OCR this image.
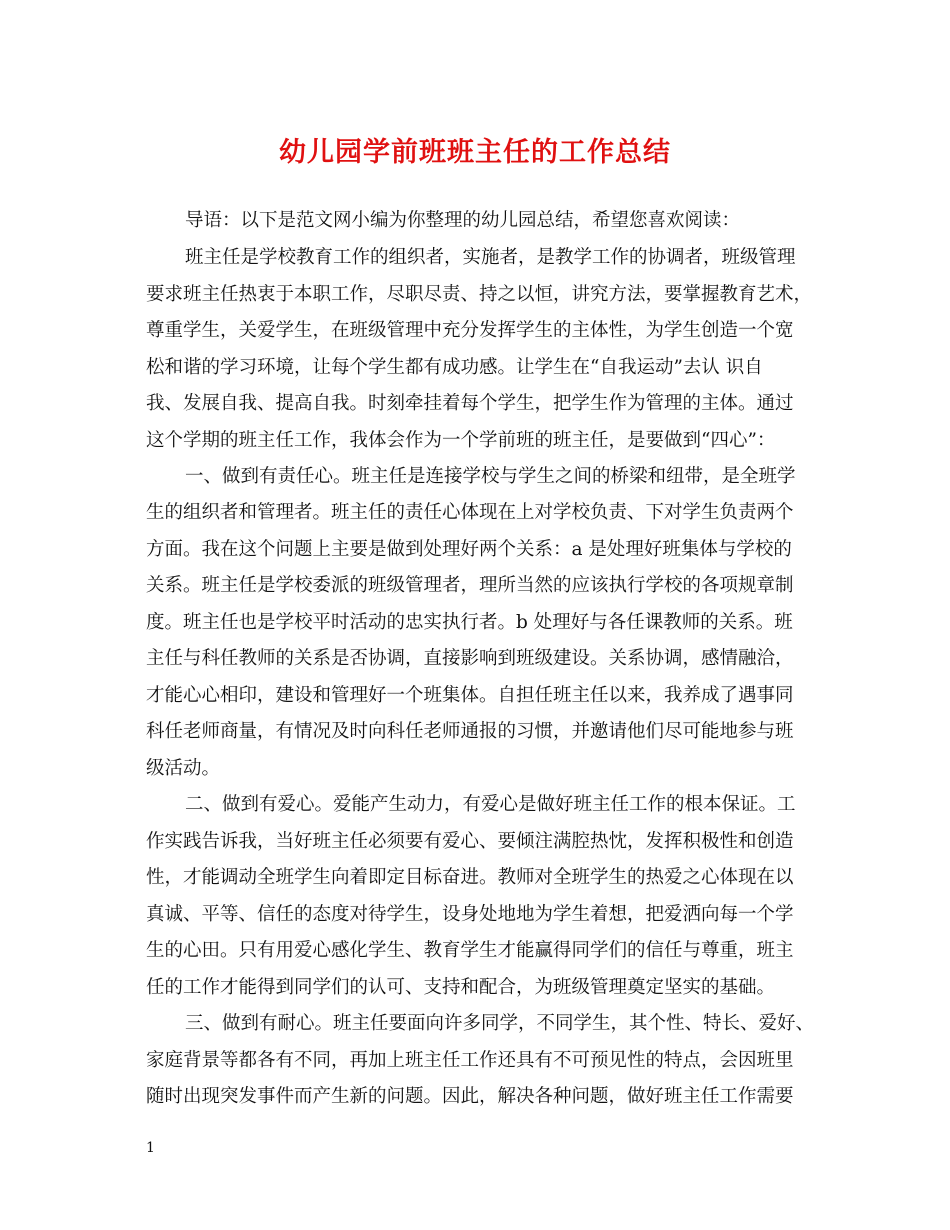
幼儿园学前班班主任的工作总结
导语：以下是范文网小编为你整理的幼儿园总结，希望您喜欢阅读：
班主任是学校教育工作的组织者，实施者，是教学工作的协调者，班级管理
要求班主任热衷于本职工作，尽职尽责、持之以恒，讲究方法，要掌握教育艺术，
尊重学生，关爱学生，在班级管理中充分发挥学生的主体性，为学生创造一个宽
松和谐的学习环境，让每个学生都有成功感。让学生在“自我运动”去认 识自
我、发展自我、提高自我。时刻牵挂着每个学生，把学生作为管理的主体。通过
这个学期的班主任工作，我体会作为一个学前班的班主任，是要做到“四心”：
一、做到有责任心。班主任是连接学校与学生之间的桥梁和纽带，是全班学
生的组织者和管理者。班主任的责任心体现在上对学校负责、下对学生负责两个
方面。我在这个问题上主要是做到处理好两个关系：a 是处理好班集体与学校的
关系。班主任是学校委派的班级管理者，理所当然的应该执行学校的各项规章制
度。班主任也是学校平时活动的忠实执行者。b 处理好与各任课教师的关系。班
主任与科任教师的关系是否协调，直接影响到班级建设。关系协调，感情融洽，
才能心心相印，建设和管理好一个班集体。自担任班主任以来，我养成了遇事同
科任老师商量，有情况及时向科任老师通报的习惯，并邀请他们尽可能地参与班
级活动。
二、做到有爱心。爱能产生动力，有爱心是做好班主任工作的根本保证。工
作实践告诉我，当好班主任必须要有爱心、要倾注满腔热忱，发挥积极性和创造
性，才能调动全班学生向着即定目标奋进。教师对全班学生的热爱之心体现在以
真诚、平等、信任的态度对待学生，设身处地地为学生着想，把爱洒向每一个学
生的心田。只有用爱心感化学生、教育学生才能赢得同学们的信任与尊重，班主
任的工作才能得到同学们的认可、支持和配合，为班级管理奠定坚实的基础。
三、做到有耐心。班主任要面向许多同学，不同学生，其个性、特长、爱好、
家庭背景等都各有不同，再加上班主任工作还具有不可预见性的特点，会因班里
随时出现突发事件而产生新的问题。因此，解决各种问题，做好班主任工作需要
1
